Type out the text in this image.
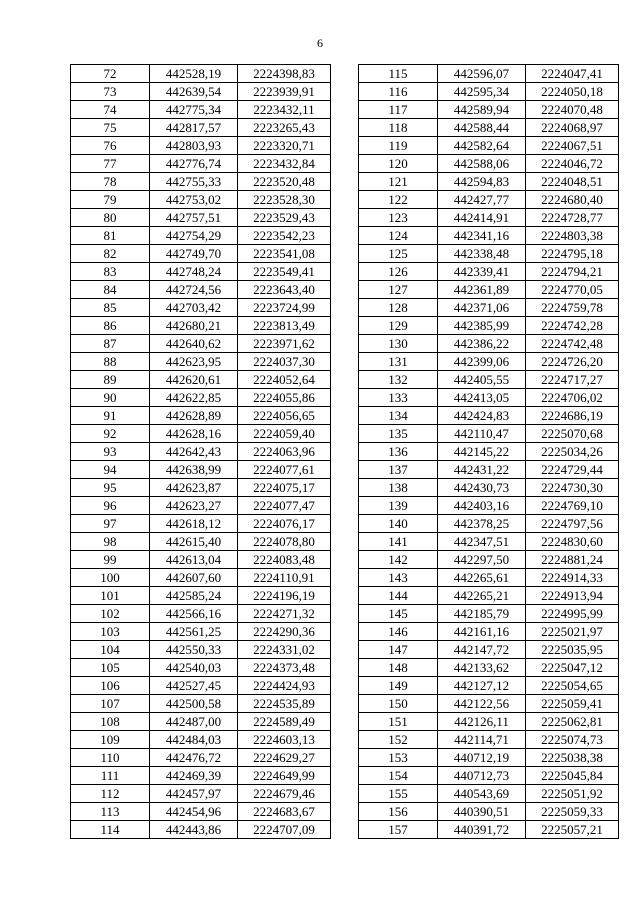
6
72	442528,19	2224398,83
73	442639,54	2223939,91
74	442775,34	2223432,11
75	442817,57	2223265,43
76	442803,93	2223320,71
77	442776,74	2223432,84
78	442755,33	2223520,48
79	442753,02	2223528,30
80	442757,51	2223529,43
81	442754,29	2223542,23
82	442749,70	2223541,08
83	442748,24	2223549,41
84	442724,56	2223643,40
85	442703,42	2223724,99
86	442680,21	2223813,49
87	442640,62	2223971,62
88	442623,95	2224037,30
89	442620,61	2224052,64
90	442622,85	2224055,86
91	442628,89	2224056,65
92	442628,16	2224059,40
93	442642,43	2224063,96
94	442638,99	2224077,61
95	442623,87	2224075,17
96	442623,27	2224077,47
97	442618,12	2224076,17
98	442615,40	2224078,80
99	442613,04	2224083,48
100	442607,60	2224110,91
101	442585,24	2224196,19
102	442566,16	2224271,32
103	442561,25	2224290,36
104	442550,33	2224331,02
105	442540,03	2224373,48
106	442527,45	2224424,93
107	442500,58	2224535,89
108	442487,00	2224589,49
109	442484,03	2224603,13
110	442476,72	2224629,27
111	442469,39	2224649,99
112	442457,97	2224679,46
113	442454,96	2224683,67
114	442443,86	2224707,09
115	442596,07	2224047,41
116	442595,34	2224050,18
117	442589,94	2224070,48
118	442588,44	2224068,97
119	442582,64	2224067,51
120	442588,06	2224046,72
121	442594,83	2224048,51
122	442427,77	2224680,40
123	442414,91	2224728,77
124	442341,16	2224803,38
125	442338,48	2224795,18
126	442339,41	2224794,21
127	442361,89	2224770,05
128	442371,06	2224759,78
129	442385,99	2224742,28
130	442386,22	2224742,48
131	442399,06	2224726,20
132	442405,55	2224717,27
133	442413,05	2224706,02
134	442424,83	2224686,19
135	442110,47	2225070,68
136	442145,22	2225034,26
137	442431,22	2224729,44
138	442430,73	2224730,30
139	442403,16	2224769,10
140	442378,25	2224797,56
141	442347,51	2224830,60
142	442297,50	2224881,24
143	442265,61	2224914,33
144	442265,21	2224913,94
145	442185,79	2224995,99
146	442161,16	2225021,97
147	442147,72	2225035,95
148	442133,62	2225047,12
149	442127,12	2225054,65
150	442122,56	2225059,41
151	442126,11	2225062,81
152	442114,71	2225074,73
153	440712,19	2225038,38
154	440712,73	2225045,84
155	440543,69	2225051,92
156	440390,51	2225059,33
157	440391,72	2225057,21
